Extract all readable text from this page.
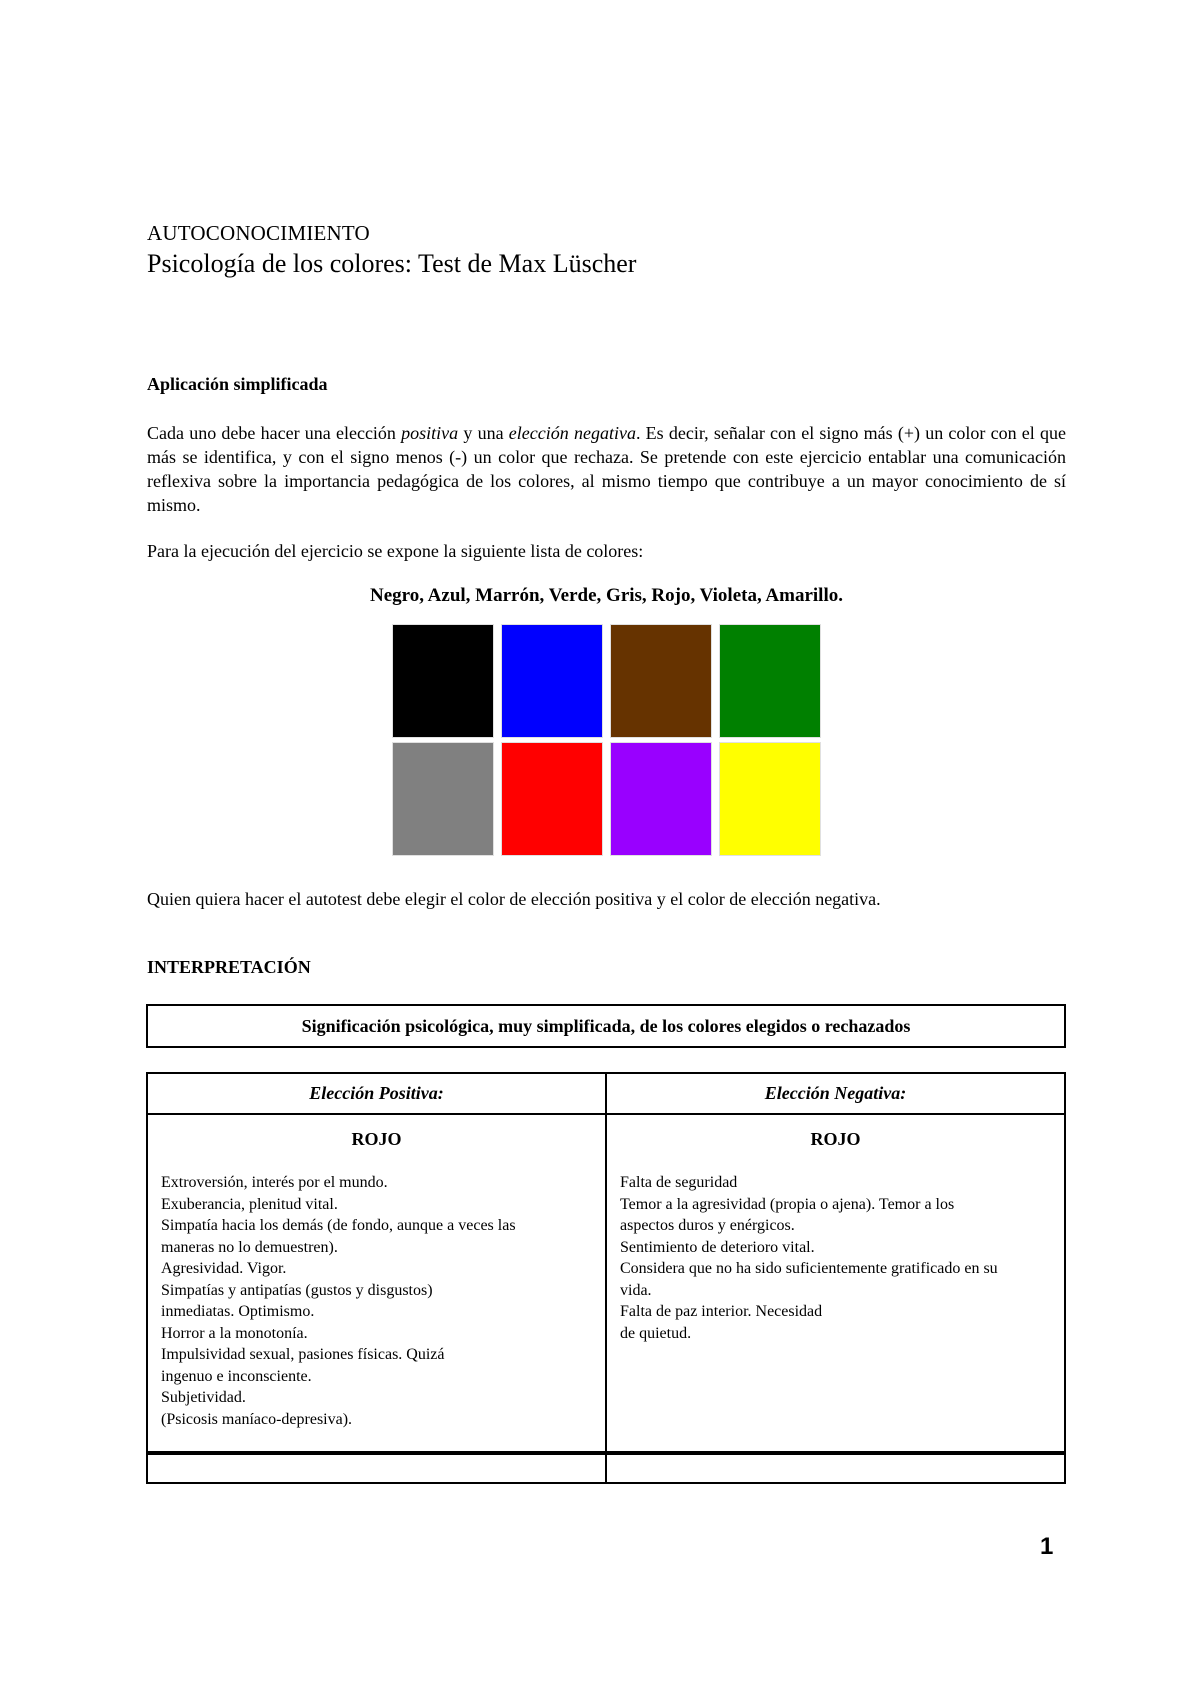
AUTOCONOCIMIENTO
Psicología de los colores: Test de Max Lüscher
Aplicación simplificada
Cada uno debe hacer una elección positiva y una elección negativa. Es decir, señalar con el signo más (+) un color con el que más se identifica, y con el signo menos (-) un color que rechaza. Se pretende con este ejercicio entablar una comunicación reflexiva sobre la importancia pedagógica de los colores, al mismo tiempo que contribuye a un mayor conocimiento de sí mismo.
Para la ejecución del ejercicio se expone la siguiente lista de colores:
Negro, Azul, Marrón, Verde, Gris, Rojo, Violeta, Amarillo.
Quien quiera hacer el autotest debe elegir el color de elección positiva y el color de elección negativa.
INTERPRETACIÓN
Significación psicológica, muy simplificada, de los colores elegidos o rechazados
Elección Positiva:	Elección Negativa:
ROJO	ROJO
Extroversión, interés por el mundo.
Exuberancia, plenitud vital.
Simpatía hacia los demás (de fondo, aunque a veces las
maneras no lo demuestren).
Agresividad. Vigor.
Simpatías y antipatías (gustos y disgustos)
inmediatas. Optimismo.
Horror a la monotonía.
Impulsividad sexual, pasiones físicas. Quizá
ingenuo e inconsciente.
Subjetividad.
(Psicosis maníaco-depresiva).
Falta de seguridad
Temor a la agresividad (propia o ajena). Temor a los
aspectos duros y enérgicos.
Sentimiento de deterioro vital.
Considera que no ha sido suficientemente gratificado en su
vida.
Falta de paz interior. Necesidad
de quietud.
1
